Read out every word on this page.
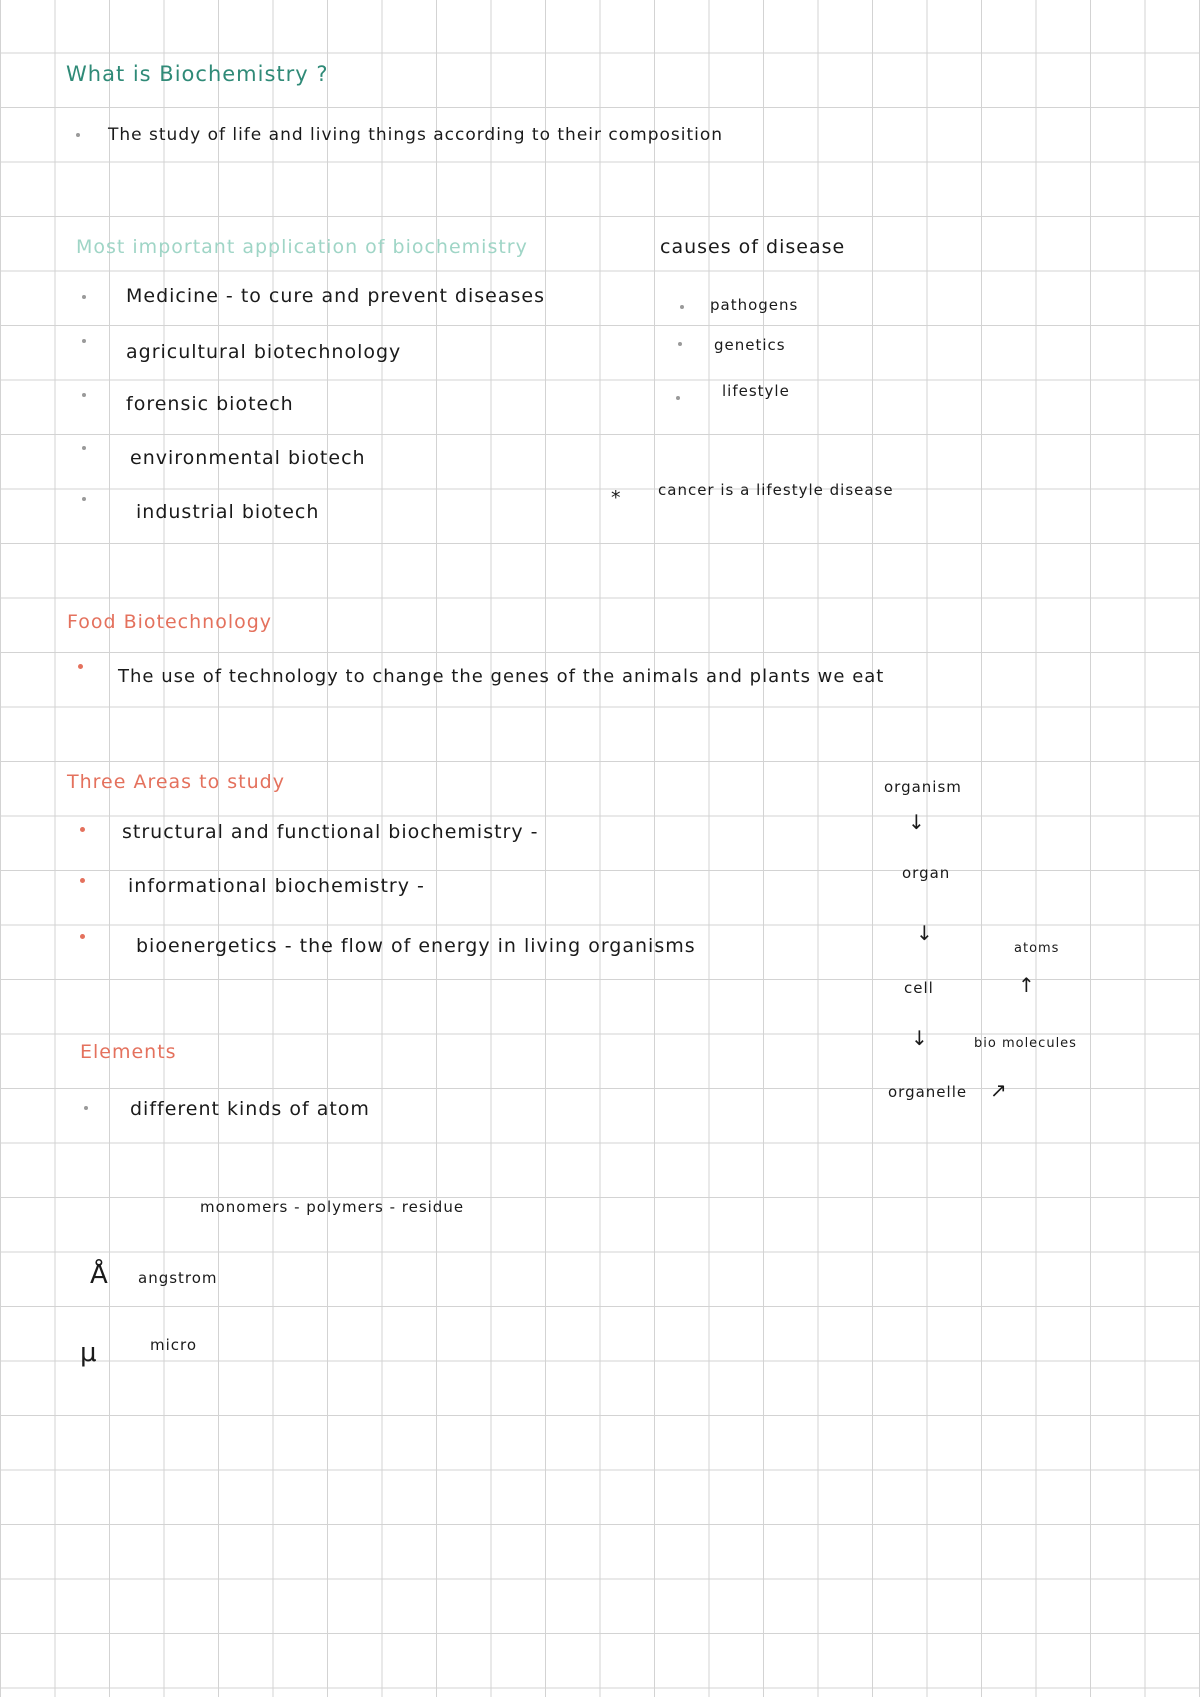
What is Biochemistry ?
The study of life and living things according to their composition
Most important application of biochemistry
Medicine - to cure and prevent diseases
agricultural biotechnology
forensic biotech
environmental biotech
industrial biotech
causes of disease
pathogens
genetics
lifestyle
* cancer is a lifestyle disease
Food Biotechnology
The use of technology to change the genes of the animals and plants we eat
Three Areas to study
structural and functional biochemistry -
informational biochemistry -
bioenergetics - the flow of energy in living organisms
organism
↓
organ
↓
cell
↓
organelle ↗
atoms
↑
bio molecules
Elements
different kinds of atom
monomers - polymers - residue
Å angstrom
μ	micro
